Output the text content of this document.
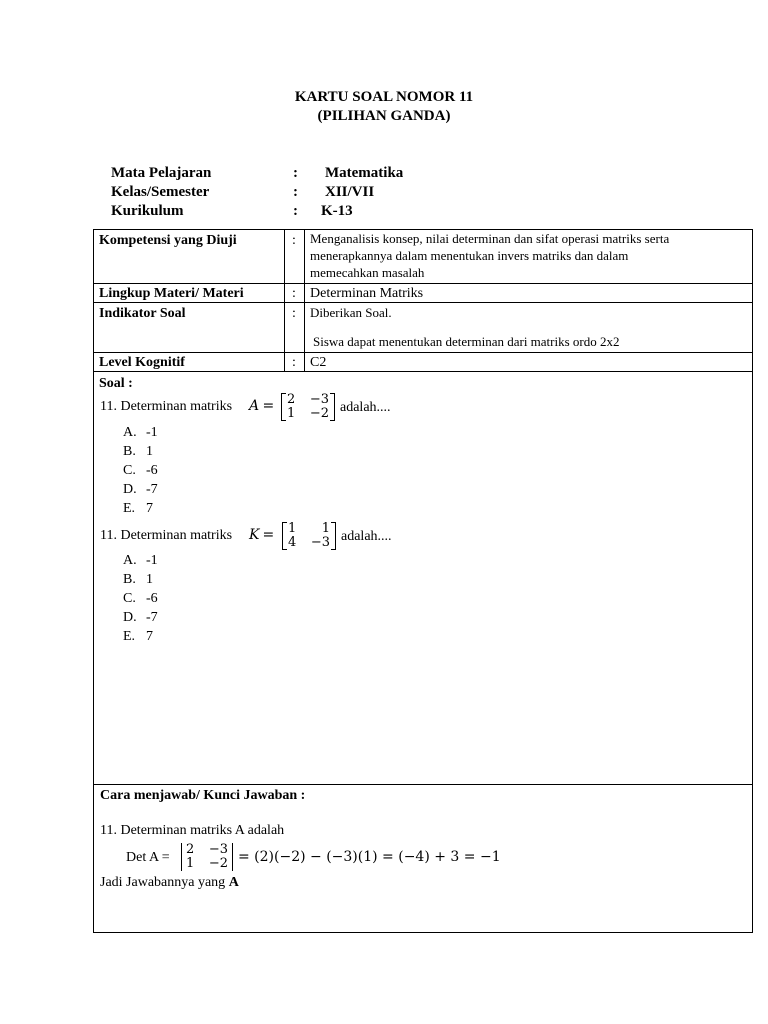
KARTU SOAL NOMOR 11
(PILIHAN GANDA)
Mata Pelajaran	: Matematika
Kelas/Semester	: XII/VII
Kurikulum	: K-13
Kompetensi yang Diuji	: Menganalisis konsep, nilai determinan dan sifat operasi matriks serta
menerapkannya dalam menentukan invers matriks dan dalam
memecahkan masalah
Lingkup Materi/ Materi	: Determinan Matriks
Indikator Soal	: Diberikan Soal.
Siswa dapat menentukan determinan dari matriks ordo 2x2
Level Kognitif	: C2
Soal :
11. Determinan matriks A
= 2 −3
1 −2 adalah....
A. -1
B. 1
C. -6
D. -7
E. 7
11. Determinan matriks K
= 1 1
4 −3 adalah....
A. -1
B. 1
C. -6
D. -7
E. 7
Cara menjawab/ Kunci Jawaban :
11. Determinan matriks A adalah
Det A =
2 −3
1 −2 = (2)(−2) − (−3)(1) = (−4) + 3 = −1
Jadi Jawabannya yang A
